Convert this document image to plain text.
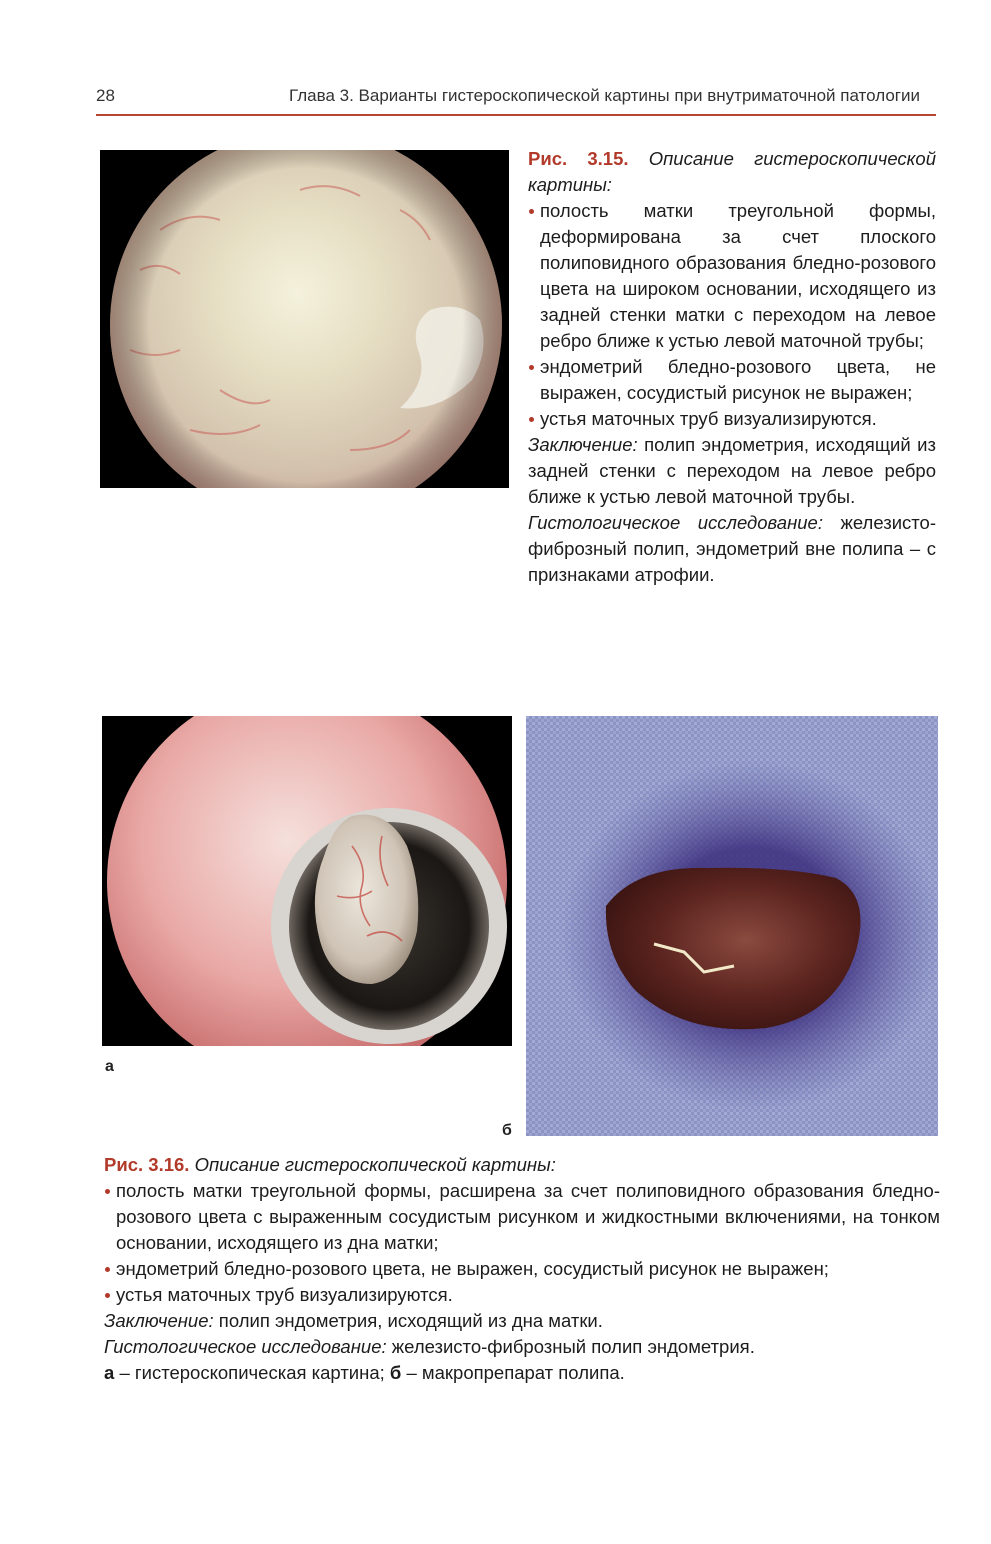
28	Глава 3. Варианты гистероскопической картины при внутриматочной патологии

Рис. 3.15. Описание гистероскопической картины:

полость матки треугольной формы, деформирована за счет плоского полиповидного образования бледно-розового цвета на широком основании, исходящего из задней стенки матки с переходом на левое ребро ближе к устью левой маточной трубы;
эндометрий бледно-розового цвета, не выражен, сосудистый рисунок не выражен;
устья маточных труб визуализируются.

Заключение: полип эндометрия, исходящий из задней стенки с переходом на левое ребро ближе к устью левой маточной трубы.

Гистологическое исследование: железисто-фиброзный полип, эндометрий вне полипа – с признаками атрофии.

а
б

Рис. 3.16. Описание гистероскопической картины:

полость матки треугольной формы, расширена за счет полиповидного образования бледно-розового цвета с выраженным сосудистым рисунком и жидкостными включениями, на тонком основании, исходящего из дна матки;
эндометрий бледно-розового цвета, не выражен, сосудистый рисунок не выражен;
устья маточных труб визуализируются.

Заключение: полип эндометрия, исходящий из дна матки.

Гистологическое исследование: железисто-фиброзный полип эндометрия.

а – гистероскопическая картина; б – макропрепарат полипа.
